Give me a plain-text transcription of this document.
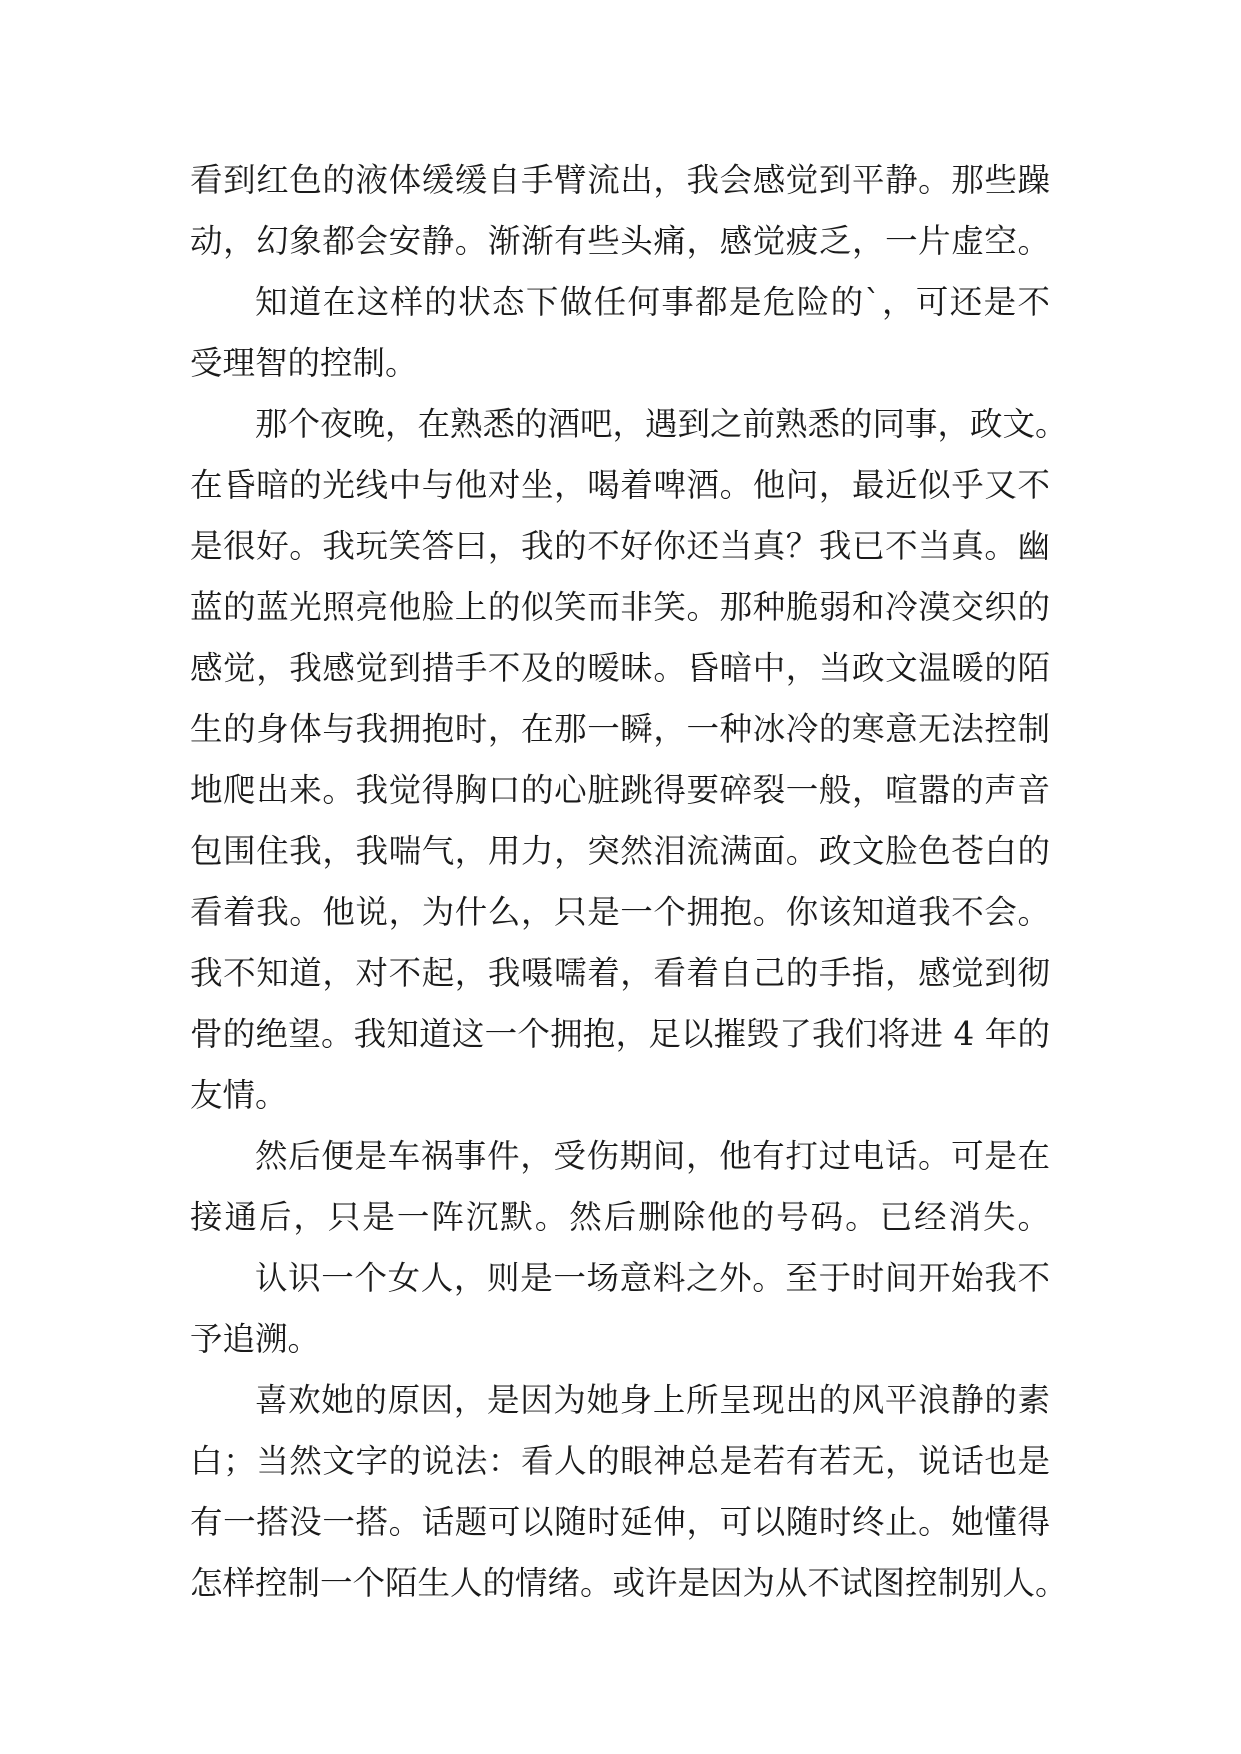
看到红色的液体缓缓自手臂流出，我会感觉到平静。那些躁
动，幻象都会安静。渐渐有些头痛，感觉疲乏，一片虚空。
知道在这样的状态下做任何事都是危险的`，可还是不
受理智的控制。
那个夜晚，在熟悉的酒吧，遇到之前熟悉的同事，政文。
在昏暗的光线中与他对坐，喝着啤酒。他问，最近似乎又不
是很好。我玩笑答曰，我的不好你还当真？我已不当真。幽
蓝的蓝光照亮他脸上的似笑而非笑。那种脆弱和冷漠交织的
感觉，我感觉到措手不及的暧昧。昏暗中，当政文温暖的陌
生的身体与我拥抱时，在那一瞬，一种冰冷的寒意无法控制
地爬出来。我觉得胸口的心脏跳得要碎裂一般，喧嚣的声音
包围住我，我喘气，用力，突然泪流满面。政文脸色苍白的
看着我。他说，为什么，只是一个拥抱。你该知道我不会。
我不知道，对不起，我嗫嚅着，看着自己的手指，感觉到彻
骨的绝望。我知道这一个拥抱，足以摧毁了我们将进 4 年的
友情。
然后便是车祸事件，受伤期间，他有打过电话。可是在
接通后，只是一阵沉默。然后删除他的号码。已经消失。
认识一个女人，则是一场意料之外。至于时间开始我不
予追溯。
喜欢她的原因，是因为她身上所呈现出的风平浪静的素
白；当然文字的说法：看人的眼神总是若有若无，说话也是
有一搭没一搭。话题可以随时延伸，可以随时终止。她懂得
怎样控制一个陌生人的情绪。或许是因为从不试图控制别人。
